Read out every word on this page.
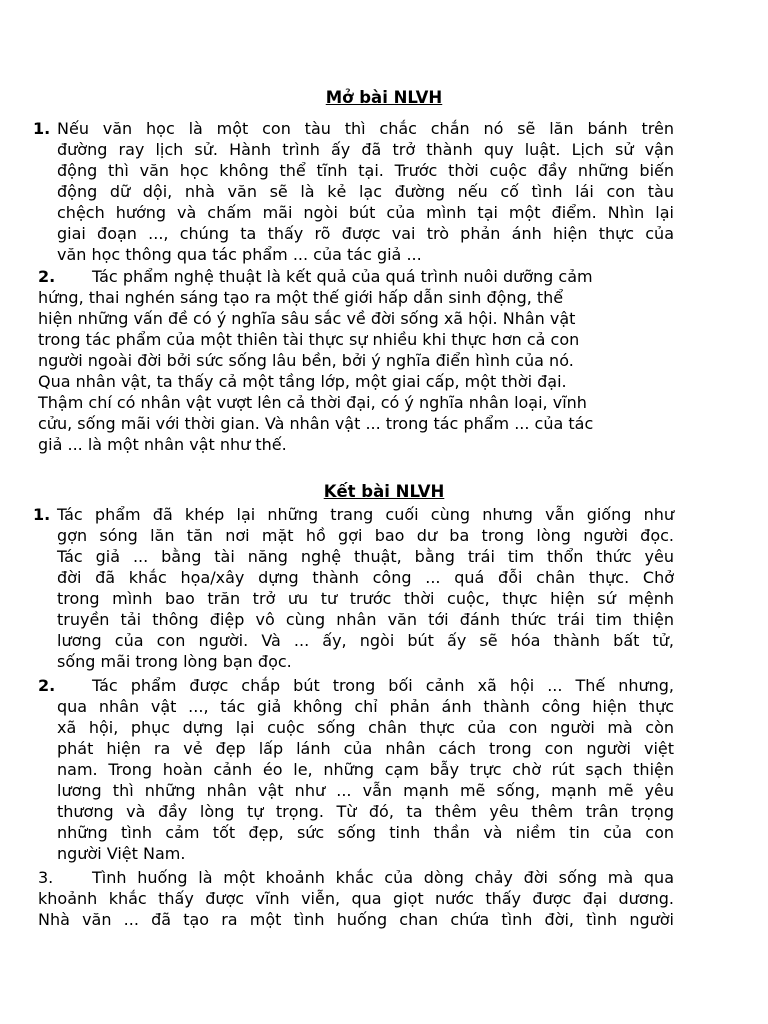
Mở bài NLVH
1. Nếu văn học là một con tàu thì chắc chắn nó sẽ lăn bánh trên
đường ray lịch sử. Hành trình ấy đã trở thành quy luật. Lịch sử vận
động thì văn học không thể tĩnh tại. Trước thời cuộc đầy những biến
động dữ dội, nhà văn sẽ là kẻ lạc đường nếu cố tình lái con tàu
chệch hướng và chấm mãi ngòi bút của mình tại một điểm. Nhìn lại
giai đoạn ..., chúng ta thấy rõ được vai trò phản ánh hiện thực của
văn học thông qua tác phẩm ... của tác giả ...
2. Tác phẩm nghệ thuật là kết quả của quá trình nuôi dưỡng cảm
hứng, thai nghén sáng tạo ra một thế giới hấp dẫn sinh động, thể
hiện những vấn đề có ý nghĩa sâu sắc về đời sống xã hội. Nhân vật
trong tác phẩm của một thiên tài thực sự nhiều khi thực hơn cả con
người ngoài đời bởi sức sống lâu bền, bởi ý nghĩa điển hình của nó.
Qua nhân vật, ta thấy cả một tầng lớp, một giai cấp, một thời đại.
Thậm chí có nhân vật vượt lên cả thời đại, có ý nghĩa nhân loại, vĩnh
cửu, sống mãi với thời gian. Và nhân vật ... trong tác phẩm ... của tác
giả ... là một nhân vật như thế.
Kết bài NLVH
1. Tác phẩm đã khép lại những trang cuối cùng nhưng vẫn giống như
gợn sóng lăn tăn nơi mặt hồ gợi bao dư ba trong lòng người đọc.
Tác giả ... bằng tài năng nghệ thuật, bằng trái tim thổn thức yêu
đời đã khắc họa/xây dựng thành công ... quá đỗi chân thực. Chở
trong mình bao trăn trở ưu tư trước thời cuộc, thực hiện sứ mệnh
truyền tải thông điệp vô cùng nhân văn tới đánh thức trái tim thiện
lương của con người. Và ... ấy, ngòi bút ấy sẽ hóa thành bất tử,
sống mãi trong lòng bạn đọc.
2. Tác phẩm được chắp bút trong bối cảnh xã hội ... Thế nhưng,
qua nhân vật ..., tác giả không chỉ phản ánh thành công hiện thực
xã hội, phục dựng lại cuộc sống chân thực của con người mà còn
phát hiện ra vẻ đẹp lấp lánh của nhân cách trong con người việt
nam. Trong hoàn cảnh éo le, những cạm bẫy trực chờ rút sạch thiện
lương thì những nhân vật như ... vẫn mạnh mẽ sống, mạnh mẽ yêu
thương và đầy lòng tự trọng. Từ đó, ta thêm yêu thêm trân trọng
những tình cảm tốt đẹp, sức sống tinh thần và niềm tin của con
người Việt Nam.
3. Tình huống là một khoảnh khắc của dòng chảy đời sống mà qua
khoảnh khắc thấy được vĩnh viễn, qua giọt nước thấy được đại dương.
Nhà văn ... đã tạo ra một tình huống chan chứa tình đời, tình người
